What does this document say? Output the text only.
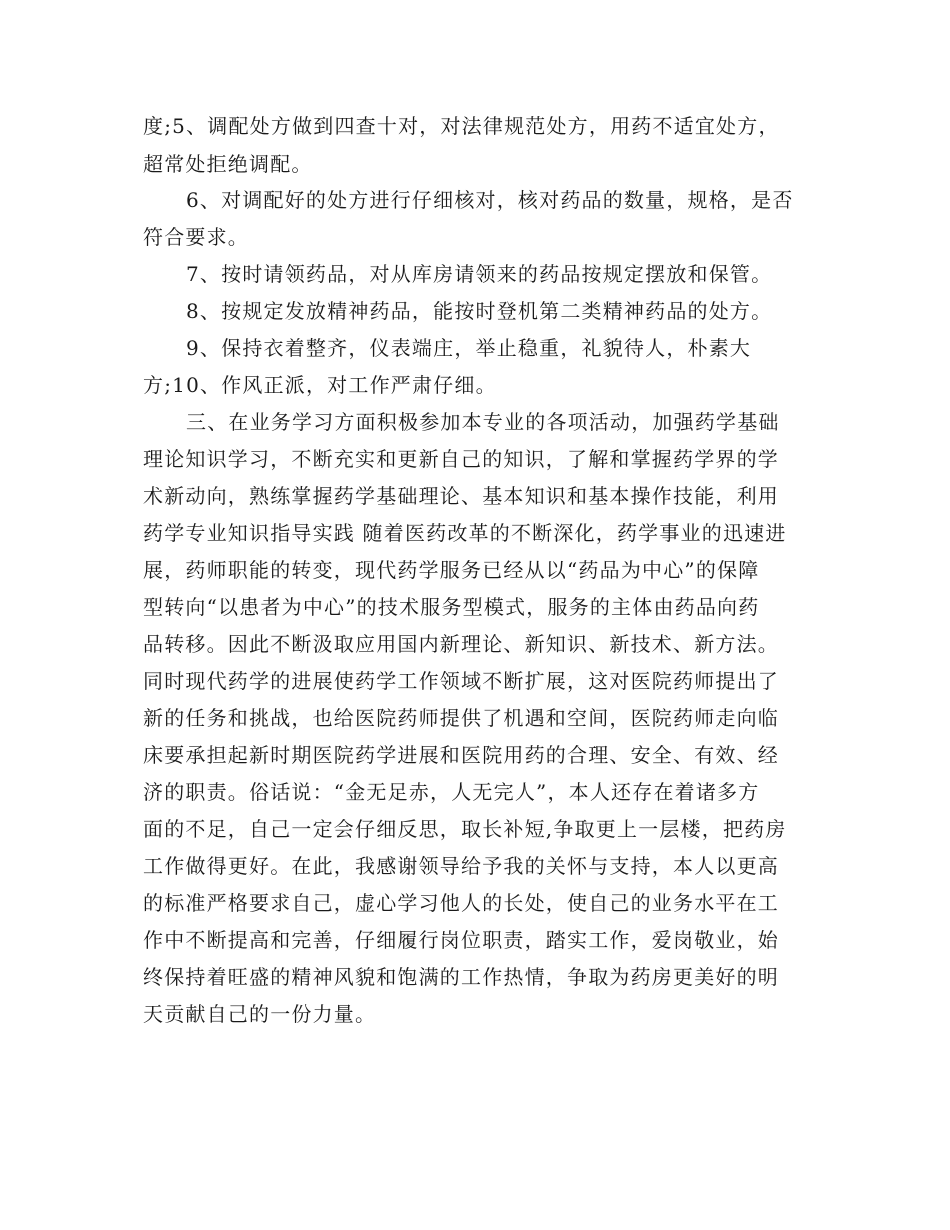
度;5、调配处方做到四查十对，对法律规范处方，用药不适宜处方，
超常处拒绝调配。
6、对调配好的处方进行仔细核对，核对药品的数量，规格，是否
符合要求。
7、按时请领药品，对从库房请领来的药品按规定摆放和保管。
8、按规定发放精神药品，能按时登机第二类精神药品的处方。
9、保持衣着整齐，仪表端庄，举止稳重，礼貌待人，朴素大
方;10、作风正派，对工作严肃仔细。
三、在业务学习方面积极参加本专业的各项活动，加强药学基础
理论知识学习，不断充实和更新自己的知识，了解和掌握药学界的学
术新动向，熟练掌握药学基础理论、基本知识和基本操作技能，利用
药学专业知识指导实践 随着医药改革的不断深化，药学事业的迅速进
展，药师职能的转变，现代药学服务已经从以“药品为中心”的保障
型转向“以患者为中心”的技术服务型模式，服务的主体由药品向药
品转移。因此不断汲取应用国内新理论、新知识、新技术、新方法。
同时现代药学的进展使药学工作领域不断扩展，这对医院药师提出了
新的任务和挑战，也给医院药师提供了机遇和空间，医院药师走向临
床要承担起新时期医院药学进展和医院用药的合理、安全、有效、经
济的职责。俗话说：“金无足赤，人无完人”，本人还存在着诸多方
面的不足，自己一定会仔细反思，取长补短,争取更上一层楼，把药房
工作做得更好。在此，我感谢领导给予我的关怀与支持，本人以更高
的标准严格要求自己，虚心学习他人的长处，使自己的业务水平在工
作中不断提高和完善，仔细履行岗位职责，踏实工作，爱岗敬业，始
终保持着旺盛的精神风貌和饱满的工作热情，争取为药房更美好的明
天贡献自己的一份力量。
